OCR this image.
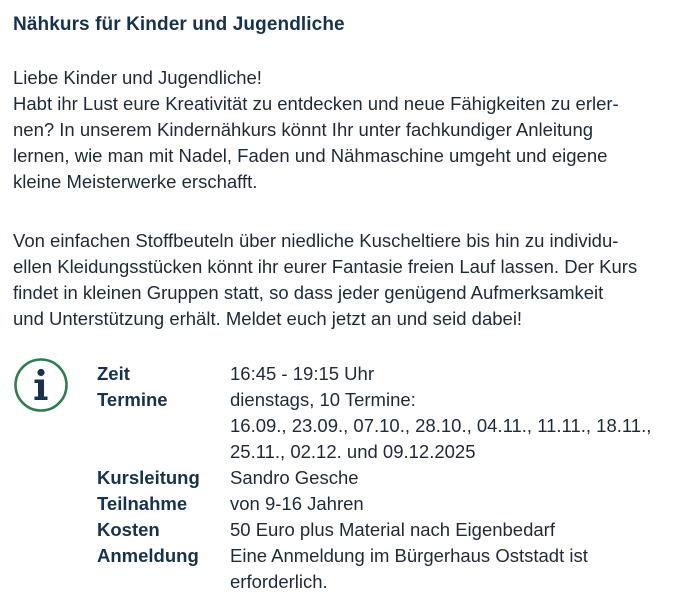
Nähkurs für Kinder und Jugendliche
Liebe Kinder und Jugendliche!
Habt ihr Lust eure Kreativität zu entdecken und neue Fähigkeiten zu erler-
nen? In unserem Kindernähkurs könnt Ihr unter fachkundiger Anleitung
lernen, wie man mit Nadel, Faden und Nähmaschine umgeht und eigene
kleine Meisterwerke erschafft.
Von einfachen Stoffbeuteln über niedliche Kuscheltiere bis hin zu individu-
ellen Kleidungsstücken könnt ihr eurer Fantasie freien Lauf lassen. Der Kurs
findet in kleinen Gruppen statt, so dass jeder genügend Aufmerksamkeit
und Unterstützung erhält. Meldet euch jetzt an und seid dabei!
Zeit	16:45 - 19:15 Uhr
Termine	dienstags, 10 Termine:
16.09., 23.09., 07.10., 28.10., 04.11., 11.11., 18.11.,
25.11., 02.12. und 09.12.2025
Kursleitung Sandro Gesche
Teilnahme von 9-16 Jahren
Kosten	50 Euro plus Material nach Eigenbedarf
Anmeldung Eine Anmeldung im Bürgerhaus Oststadt ist
erforderlich.
